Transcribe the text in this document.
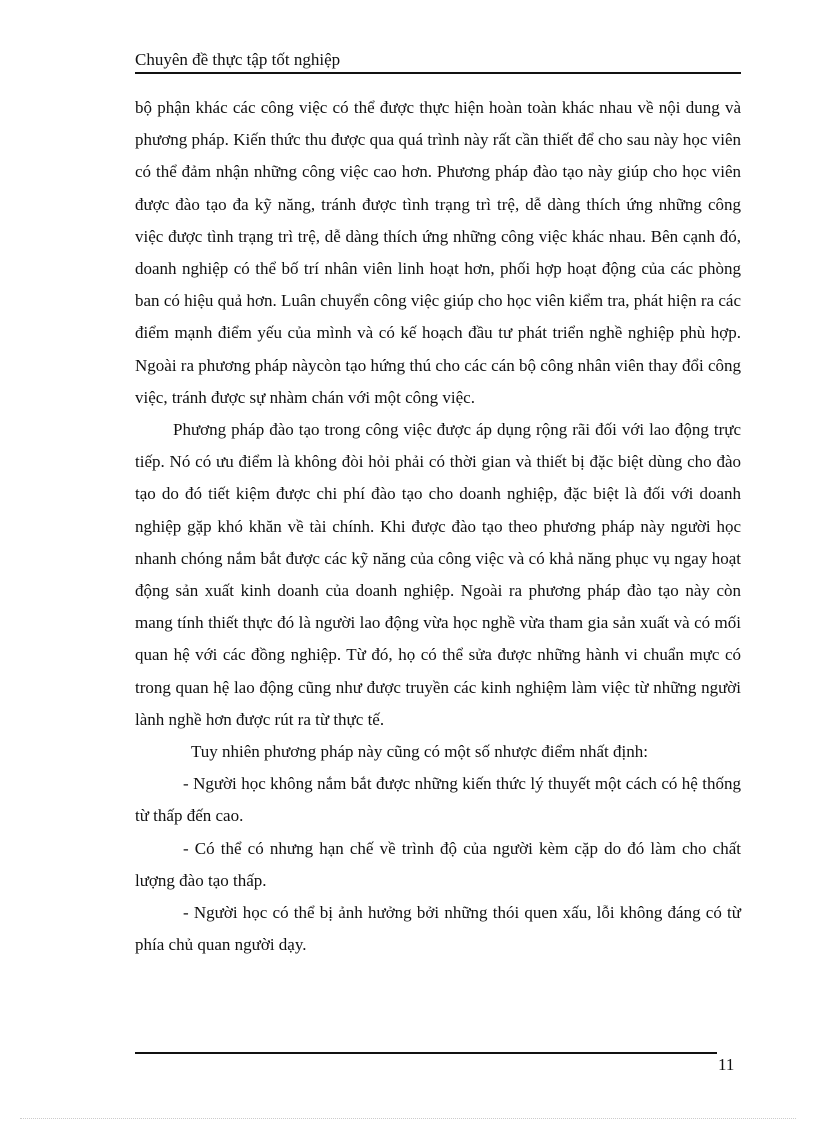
Chuyên đề thực tập tốt nghiệp

bộ phận khác các công việc có thể được thực hiện hoàn toàn khác nhau về nội dung và phương pháp. Kiến thức thu được qua quá trình này rất cần thiết để cho sau này học viên có thể đảm nhận những công việc cao hơn. Phương pháp đào tạo này giúp cho học viên được đào tạo đa kỹ năng, tránh được tình trạng trì trệ, dễ dàng thích ứng những công việc được tình trạng trì trệ, dễ dàng thích ứng những công việc khác nhau. Bên cạnh đó, doanh nghiệp có thể bố trí nhân viên linh hoạt hơn, phối hợp hoạt động của các phòng ban có hiệu quả hơn. Luân chuyển công việc giúp cho học viên kiểm tra, phát hiện ra các điểm mạnh điểm yếu của mình và có kế hoạch đầu tư phát triển nghề nghiệp phù hợp. Ngoài ra phương pháp nàycòn tạo hứng thú cho các cán bộ công nhân viên thay đổi công việc, tránh được sự nhàm chán với một công việc.

Phương pháp đào tạo trong công việc được áp dụng rộng rãi đối với lao động trực tiếp. Nó có ưu điểm là không đòi hỏi phải có thời gian và thiết bị đặc biệt dùng cho đào tạo do đó tiết kiệm được chi phí đào tạo cho doanh nghiệp, đặc biệt là đối với doanh nghiệp gặp khó khăn về tài chính. Khi được đào tạo theo phương pháp này người học nhanh chóng nắm bắt được các kỹ năng của công việc và có khả năng phục vụ ngay hoạt động sản xuất kinh doanh của doanh nghiệp. Ngoài ra phương pháp đào tạo này còn mang tính thiết thực đó là người lao động vừa học nghề vừa tham gia sản xuất và có mối quan hệ với các đồng nghiệp. Từ đó, họ có thể sửa được những hành vi chuẩn mực có trong quan hệ lao động cũng như được truyền các kinh nghiệm làm việc từ những người lành nghề hơn được rút ra từ thực tế.

Tuy nhiên phương pháp này cũng có một số nhược điểm nhất định:

- Người học không nắm bắt được những kiến thức lý thuyết một cách có hệ thống từ thấp đến cao.

- Có thể có nhưng hạn chế về trình độ của người kèm cặp do đó làm cho chất lượng đào tạo thấp.

- Người học có thể bị ảnh hưởng bởi những thói quen xấu, lỗi không đáng có từ phía chủ quan người dạy.

11
